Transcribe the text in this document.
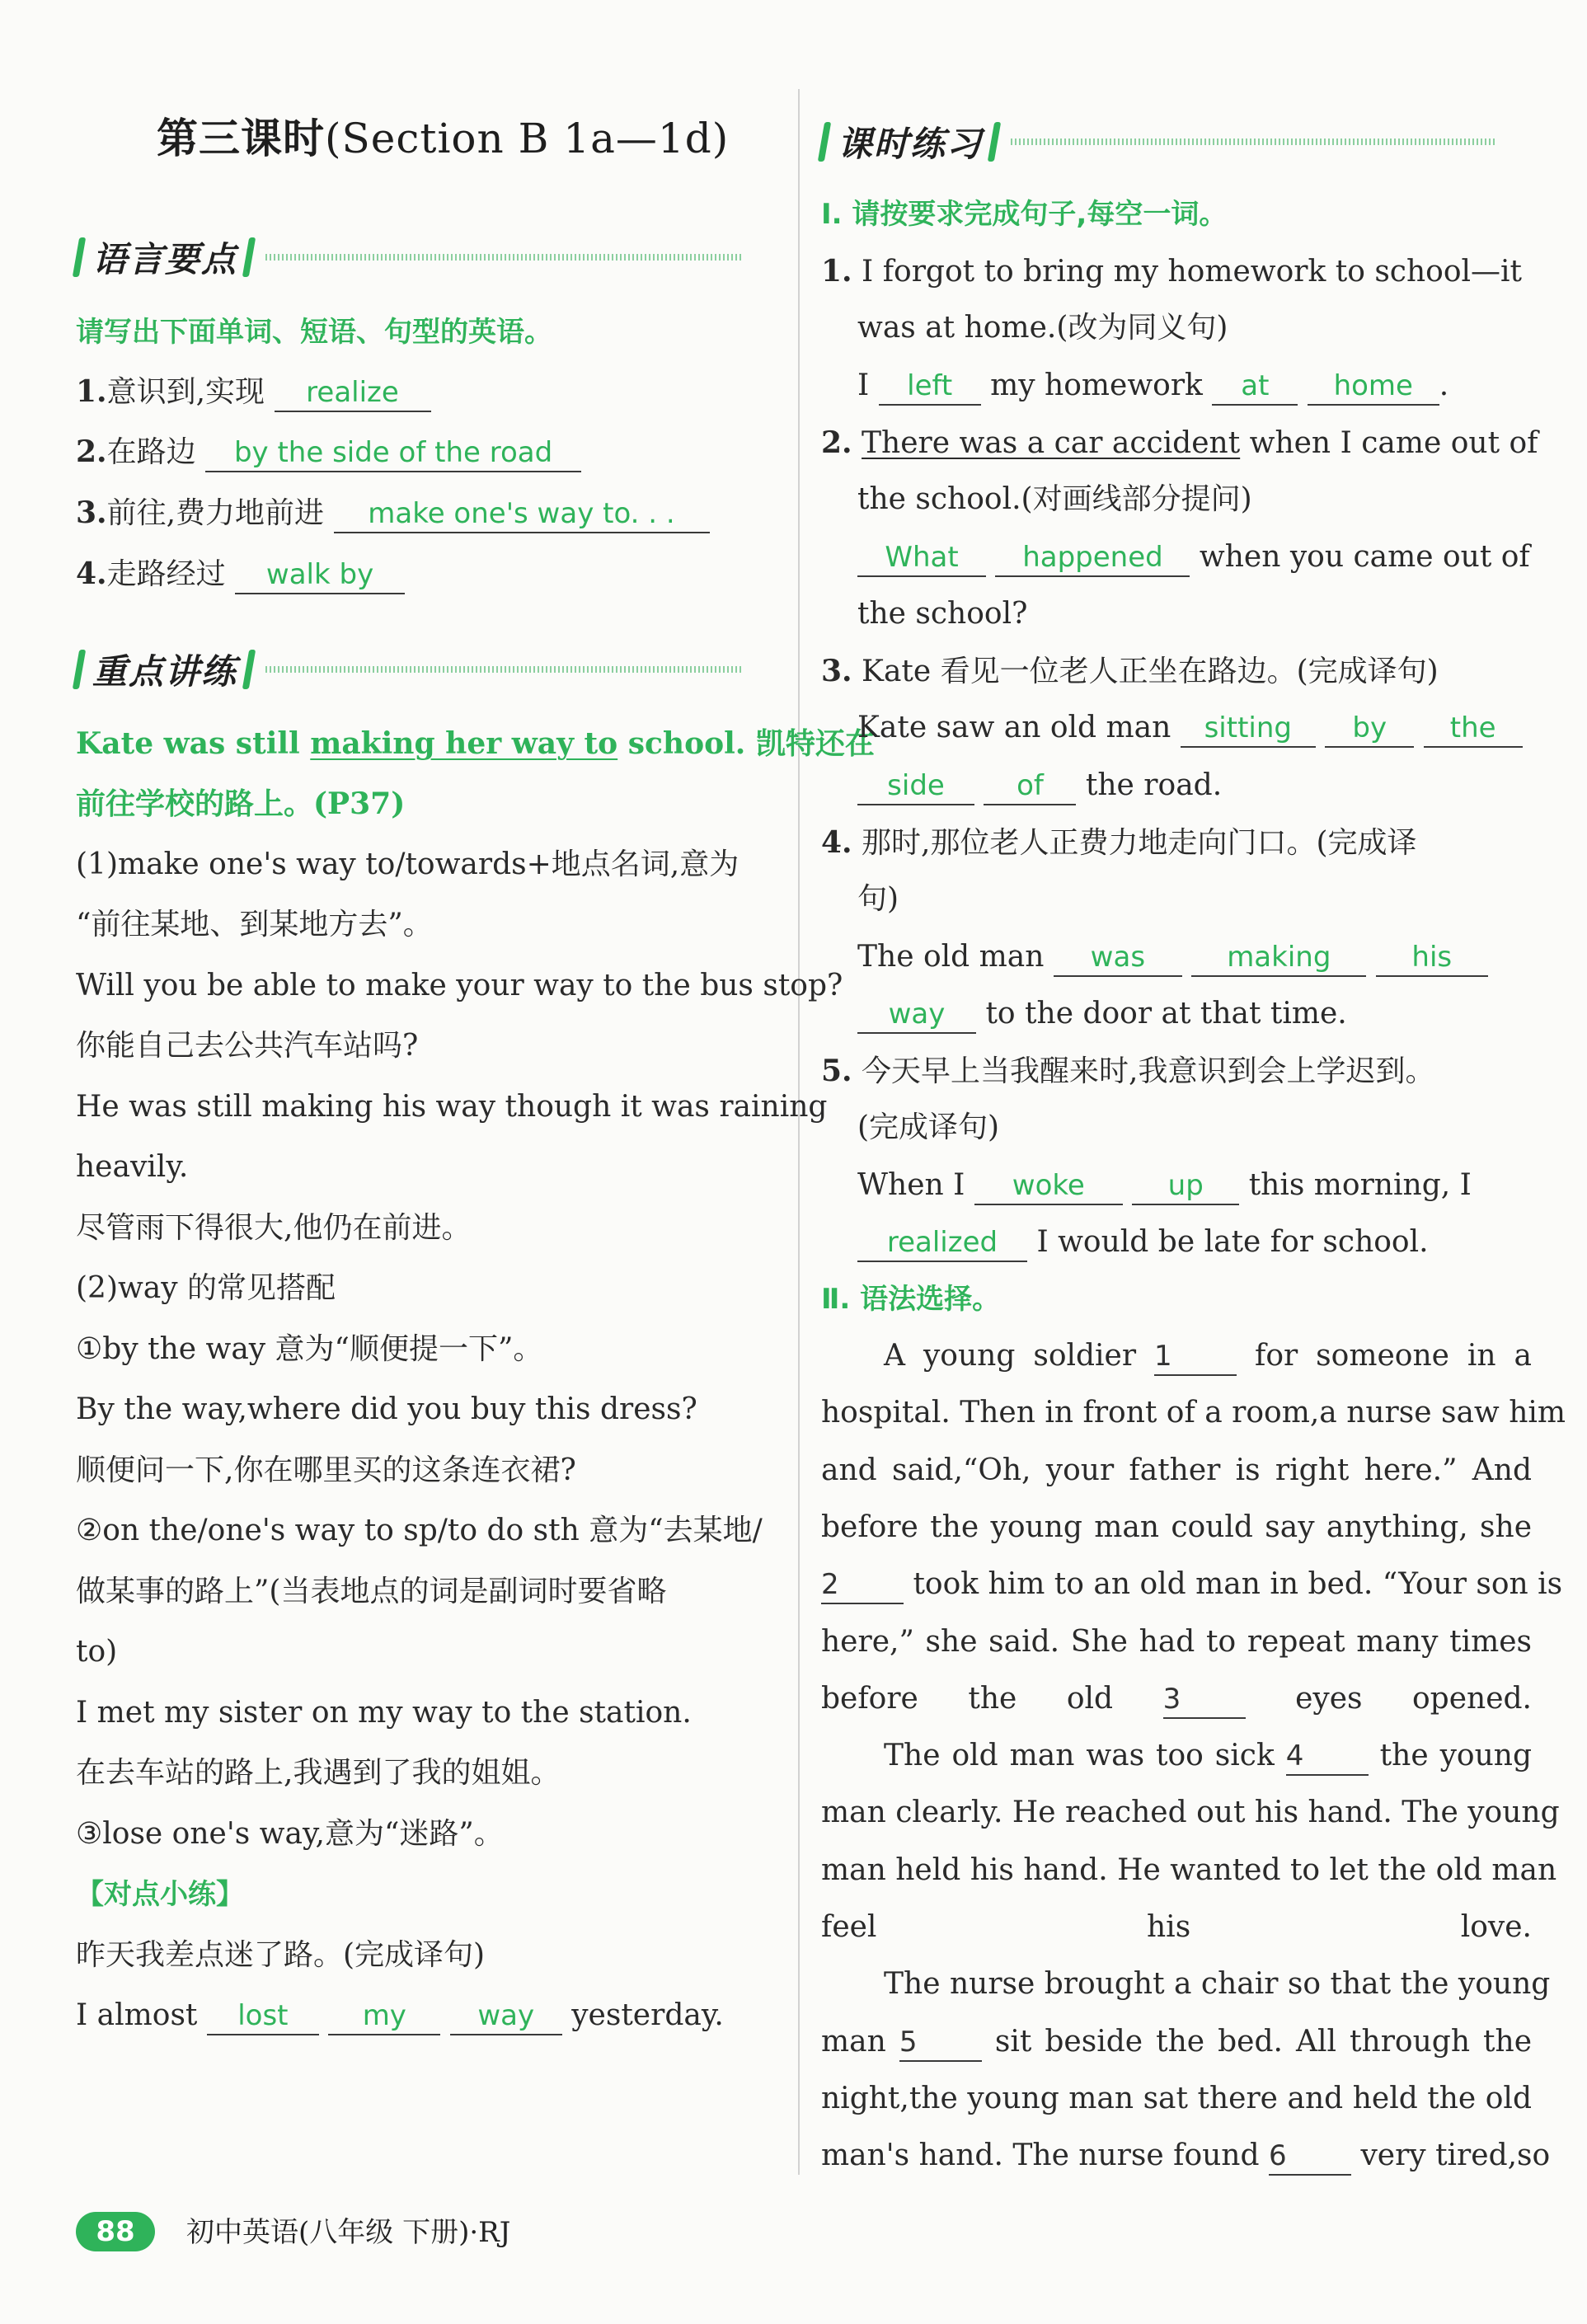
第三课时(Section B 1a—1d)
语言要点
请写出下面单词、短语、句型的英语。
1.意识到,实现 realize
2.在路边 by the side of the road
3.前往,费力地前进 make one's way to. . .
4.走路经过 walk by
重点讲练
Kate was still making her way to school. 凯特还在
前往学校的路上。(P37)
(1)make one's way to/towards+地点名词,意为
“前往某地、到某地方去”。
Will you be able to make your way to the bus stop?
你能自己去公共汽车站吗?
He was still making his way though it was raining
heavily.
尽管雨下得很大,他仍在前进。
(2)way 的常见搭配
①by the way 意为“顺便提一下”。
By the way,where did you buy this dress?
顺便问一下,你在哪里买的这条连衣裙?
②on the/one's way to sp/to do sth 意为“去某地/
做某事的路上”(当表地点的词是副词时要省略
to)
I met my sister on my way to the station.
在去车站的路上,我遇到了我的姐姐。
③lose one's way,意为“迷路”。
【对点小练】
昨天我差点迷了路。(完成译句)
I almost lost	my	way yesterday.
课时练习
Ⅰ. 请按要求完成句子,每空一词。
1. I forgot to bring my homework to school—it
was at home.(改为同义句)
I left my homework at home .
2. There was a car accident when I came out of
the school.(对画线部分提问)
What happened when you came out of
the school?
3. Kate 看见一位老人正坐在路边。(完成译句)
Kate saw an old man sitting by the
side	of the road.
4. 那时,那位老人正费力地走向门口。(完成译
句)
The old man was	making	his
way to the door at that time.
5. 今天早上当我醒来时,我意识到会上学迟到。
(完成译句)
When I woke	up this morning, I
realized I would be late for school.
Ⅱ. 语法选择。
A young soldier 1	for someone in a
hospital. Then in front of a room,a nurse saw him
and said,“Oh, your father is right here.” And
before the young man could say anything, she
2 took him to an old man in bed. “Your son is
here,” she said. She had to repeat many times
before the old 3	eyes opened.
The old man was too sick 4	the young
man clearly. He reached out his hand. The young
man held his hand. He wanted to let the old man
feel his love.
The nurse brought a chair so that the young
man 5	sit beside the bed. All through the
night,the young man sat there and held the old
man's hand. The nurse found 6 very tired,so
88	初中英语(八年级 下册)·RJ
